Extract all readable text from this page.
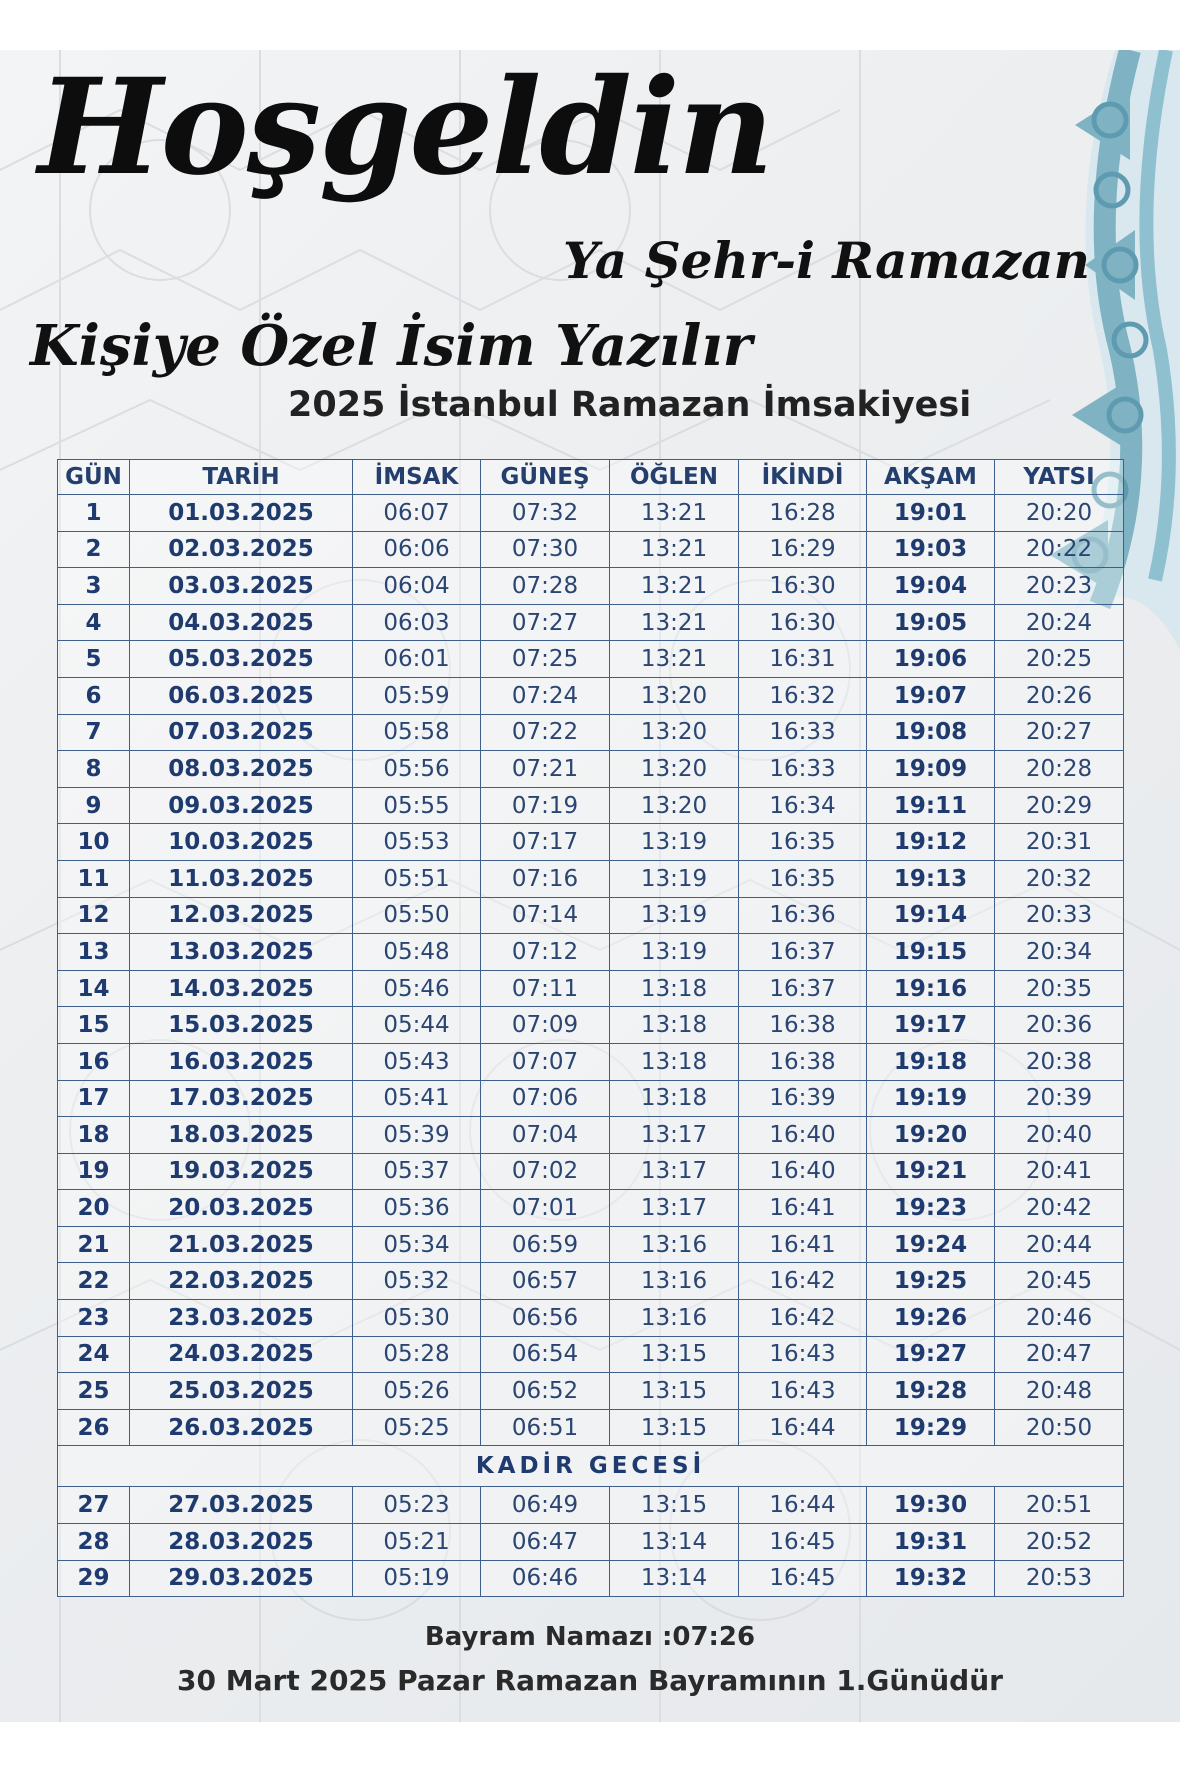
Hoşgeldin
Ya Şehr-i Ramazan
Kişiye Özel İsim Yazılır
2025 İstanbul Ramazan İmsakiyesi
GÜN	TARİH	İMSAK	GÜNEŞ	ÖĞLEN	İKİNDİ	AKŞAM	YATSI
1	01.03.2025	06:07	07:32	13:21	16:28	19:01	20:20
2	02.03.2025	06:06	07:30	13:21	16:29	19:03	20:22
3	03.03.2025	06:04	07:28	13:21	16:30	19:04	20:23
4	04.03.2025	06:03	07:27	13:21	16:30	19:05	20:24
5	05.03.2025	06:01	07:25	13:21	16:31	19:06	20:25
6	06.03.2025	05:59	07:24	13:20	16:32	19:07	20:26
7	07.03.2025	05:58	07:22	13:20	16:33	19:08	20:27
8	08.03.2025	05:56	07:21	13:20	16:33	19:09	20:28
9	09.03.2025	05:55	07:19	13:20	16:34	19:11	20:29
10	10.03.2025	05:53	07:17	13:19	16:35	19:12	20:31
11	11.03.2025	05:51	07:16	13:19	16:35	19:13	20:32
12	12.03.2025	05:50	07:14	13:19	16:36	19:14	20:33
13	13.03.2025	05:48	07:12	13:19	16:37	19:15	20:34
14	14.03.2025	05:46	07:11	13:18	16:37	19:16	20:35
15	15.03.2025	05:44	07:09	13:18	16:38	19:17	20:36
16	16.03.2025	05:43	07:07	13:18	16:38	19:18	20:38
17	17.03.2025	05:41	07:06	13:18	16:39	19:19	20:39
18	18.03.2025	05:39	07:04	13:17	16:40	19:20	20:40
19	19.03.2025	05:37	07:02	13:17	16:40	19:21	20:41
20	20.03.2025	05:36	07:01	13:17	16:41	19:23	20:42
21	21.03.2025	05:34	06:59	13:16	16:41	19:24	20:44
22	22.03.2025	05:32	06:57	13:16	16:42	19:25	20:45
23	23.03.2025	05:30	06:56	13:16	16:42	19:26	20:46
24	24.03.2025	05:28	06:54	13:15	16:43	19:27	20:47
25	25.03.2025	05:26	06:52	13:15	16:43	19:28	20:48
26	26.03.2025	05:25	06:51	13:15	16:44	19:29	20:50
KADİR GECESİ							
27	27.03.2025	05:23	06:49	13:15	16:44	19:30	20:51
28	28.03.2025	05:21	06:47	13:14	16:45	19:31	20:52
29	29.03.2025	05:19	06:46	13:14	16:45	19:32	20:53
Bayram Namazı :07:26
30 Mart 2025 Pazar Ramazan Bayramının 1.Günüdür
